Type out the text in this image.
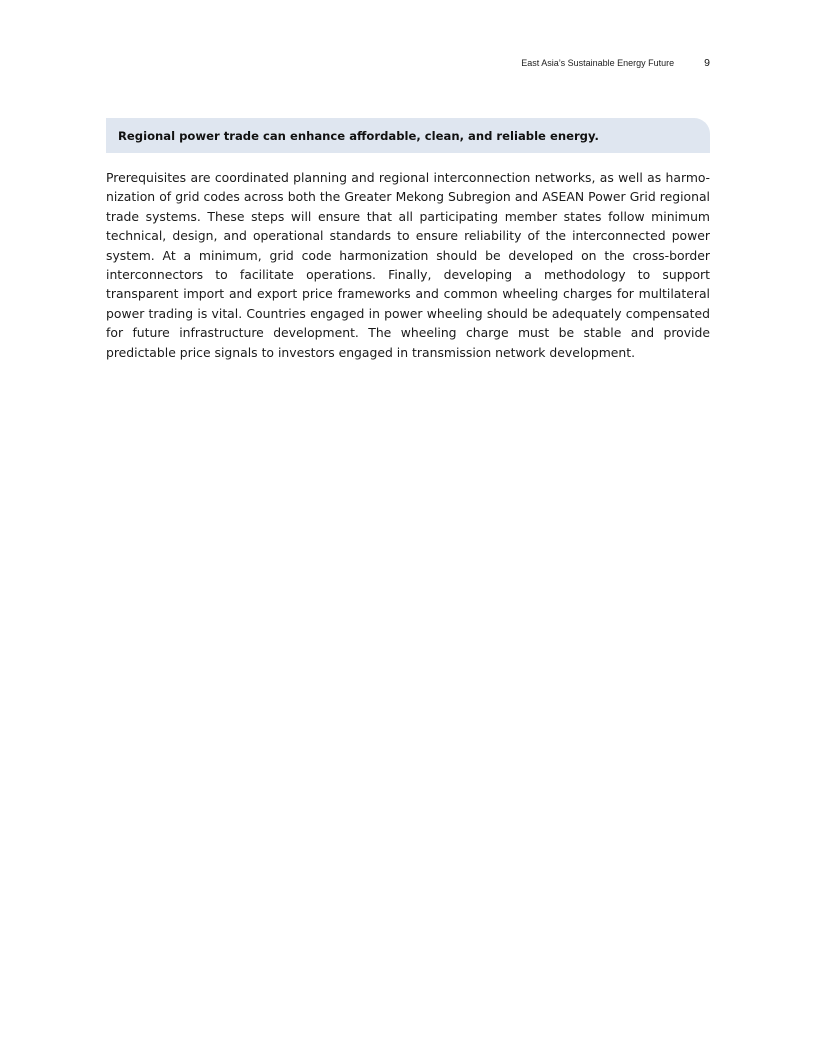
East Asia’s Sustainable Energy Future	9
Regional power trade can enhance affordable, clean, and reliable energy.

Prerequisites are coordinated planning and regional interconnection networks, as well as harmonization of grid codes across both the Greater Mekong Subregion and ASEAN Power Grid regional trade systems. These steps will ensure that all participating member states follow minimum technical, design, and operational standards to ensure reliability of the interconnected power system. At a minimum, grid code harmonization should be developed on the cross-border interconnectors to facilitate operations. Finally, developing a methodology to support transparent import and export price frameworks and common wheeling charges for multilateral power trading is vital. Countries engaged in power wheeling should be adequately compensated for future infrastructure development. The wheeling charge must be stable and provide predictable price signals to investors engaged in transmission network development.
